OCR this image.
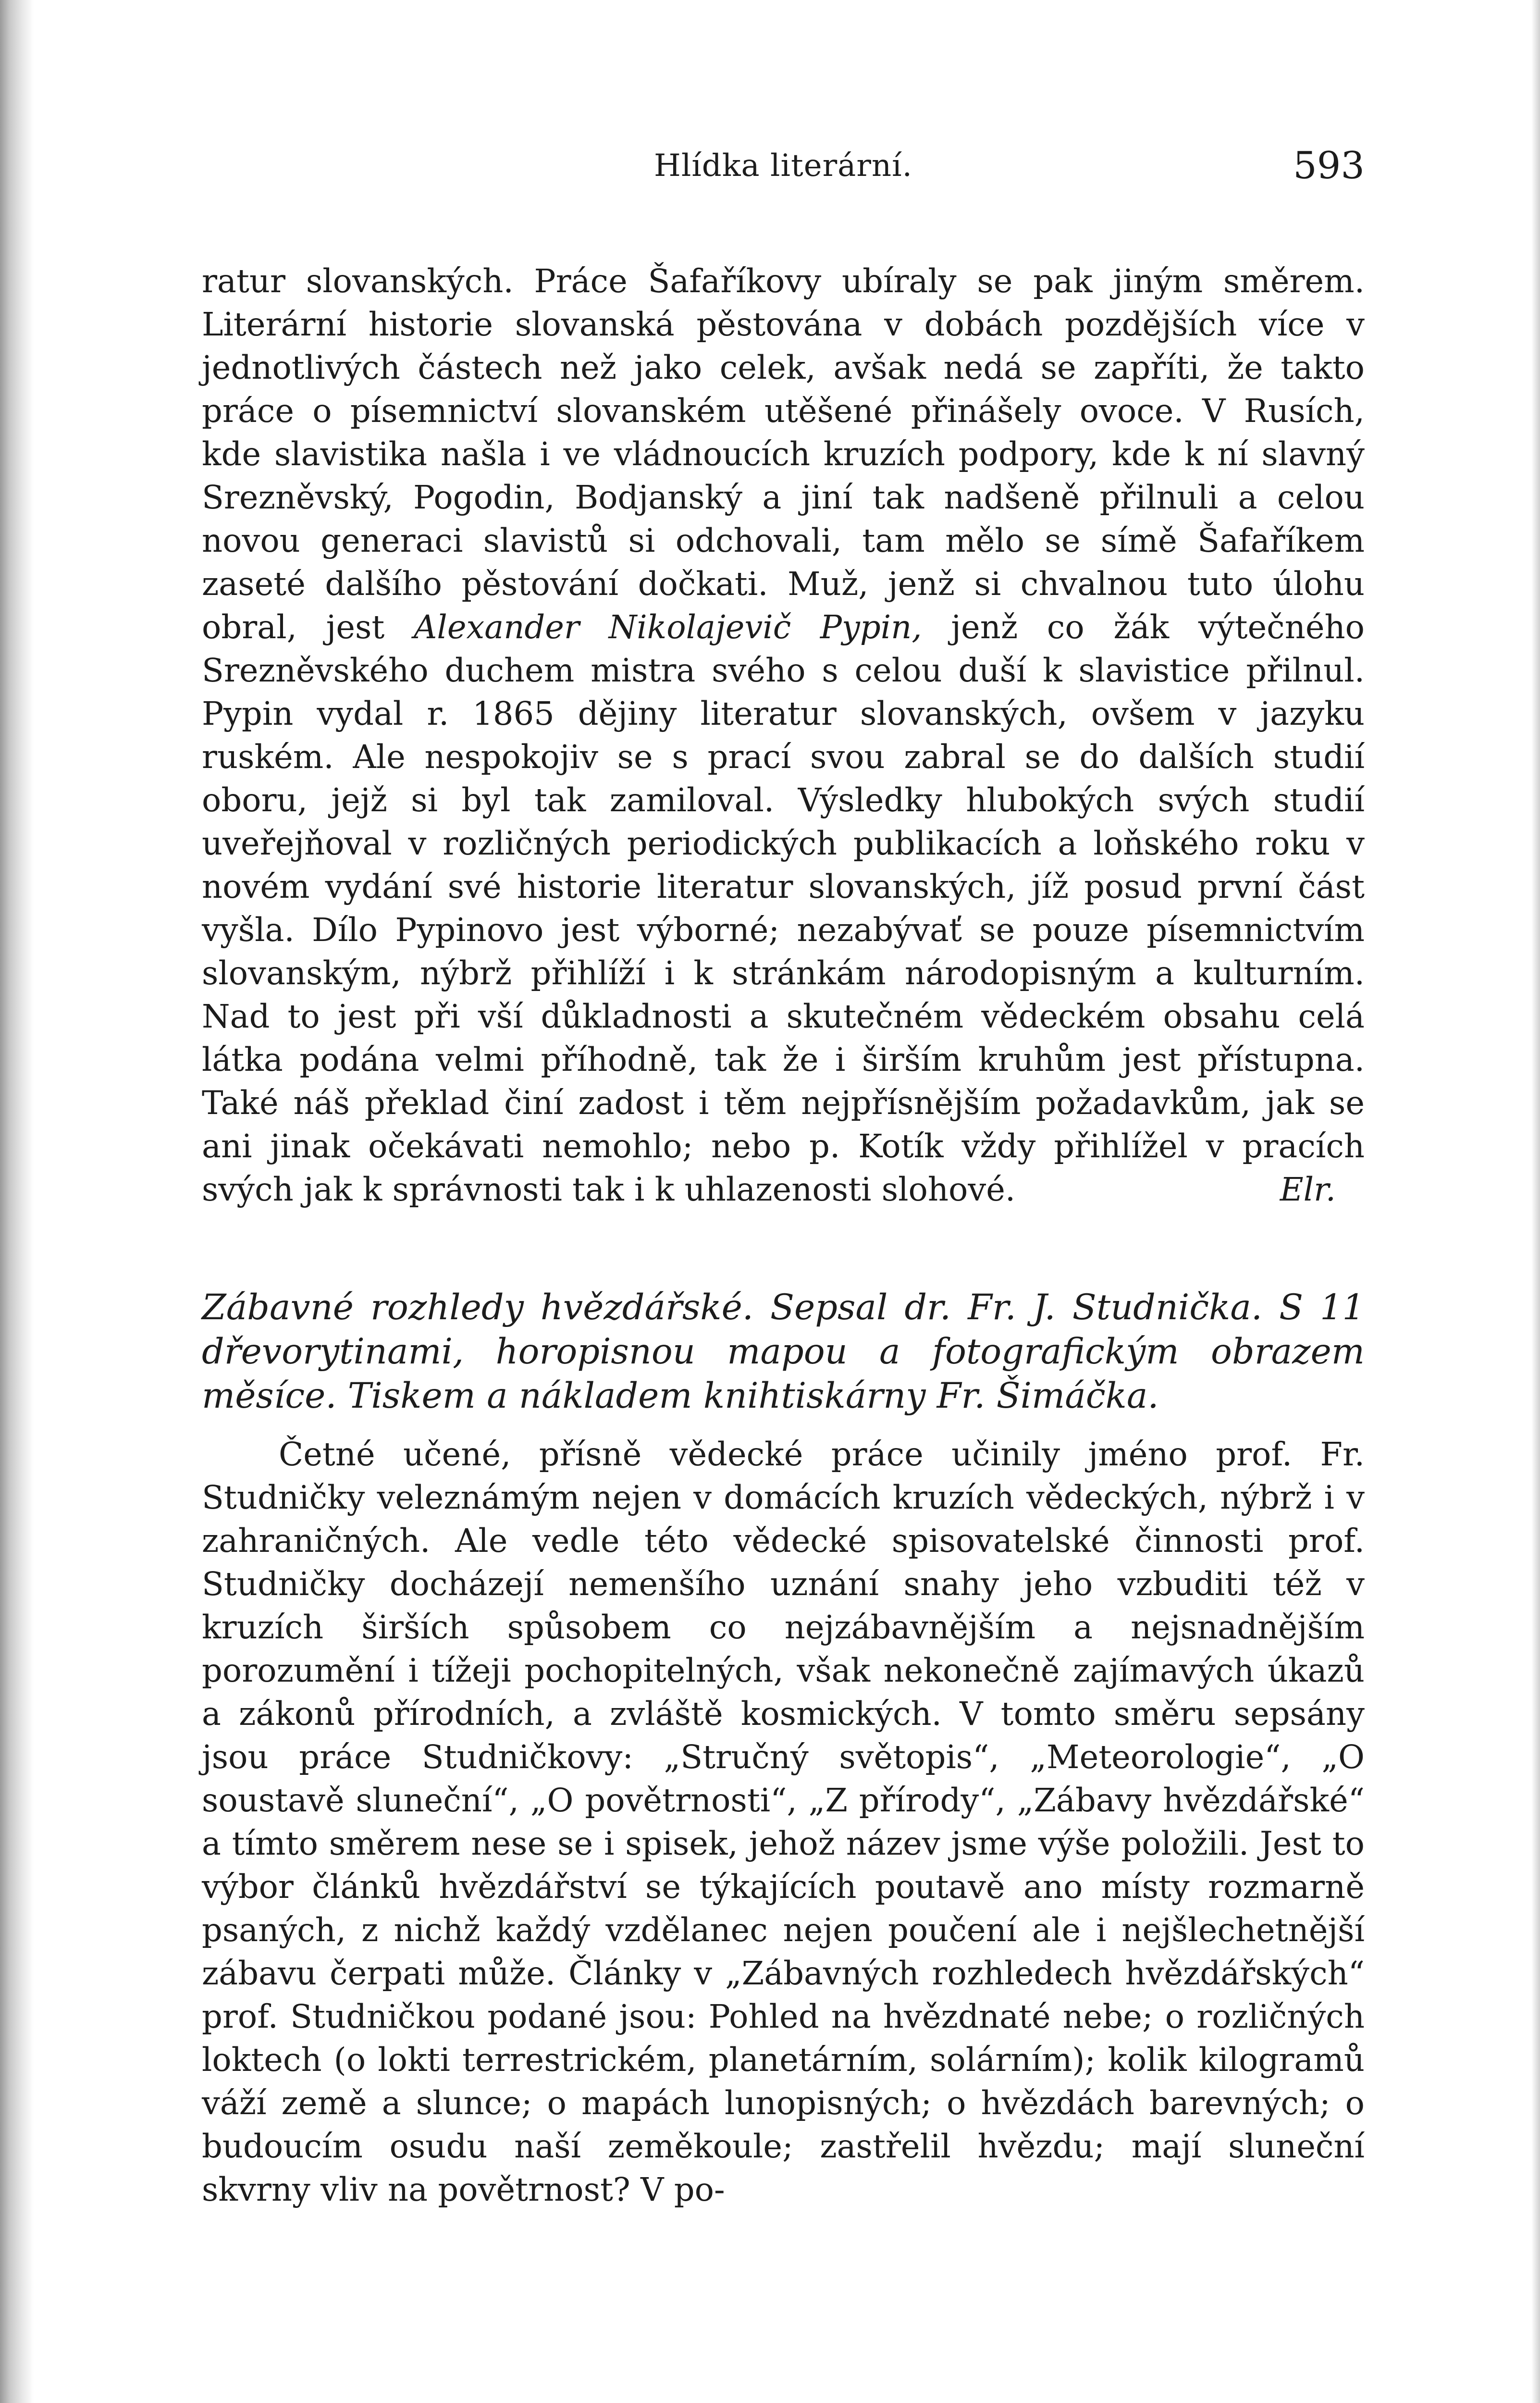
Hlídka literární.	593

ratur slovanských. Práce Šafaříkovy ubíraly se pak jiným směrem. Literární historie slovanská pěstována v dobách pozdějších více v jednotlivých částech než jako celek, avšak nedá se zapříti, že takto práce o písemnictví slovanském utěšené přinášely ovoce. V Rusích, kde slavistika našla i ve vládnoucích kruzích podpory, kde k ní slavný Srezněvský, Pogodin, Bodjanský a jiní tak nadšeně přilnuli a celou novou generaci slavistů si odchovali, tam mělo se símě Šafaříkem zaseté dalšího pěstování dočkati. Muž, jenž si chvalnou tuto úlohu obral, jest Alexander Nikolajevič Pypin, jenž co žák výtečného Srezněvského duchem mistra svého s celou duší k slavistice přilnul. Pypin vydal r. 1865 dějiny literatur slovanských, ovšem v jazyku ruském. Ale nespokojiv se s prací svou zabral se do dalších studií oboru, jejž si byl tak zamiloval. Výsledky hlubokých svých studií uveřejňoval v rozličných periodických publikacích a loňského roku v novém vydání své historie literatur slovanských, jíž posud první část vyšla. Dílo Pypinovo jest výborné; nezabývať se pouze písemnictvím slovanským, nýbrž přihlíží i k stránkám národopisným a kulturním. Nad to jest při vší důkladnosti a skutečném vědeckém obsahu celá látka podána velmi příhodně, tak že i širším kruhům jest přístupna. Také náš překlad činí zadost i těm nejpřísnějším požadavkům, jak se ani jinak očekávati nemohlo; nebo p. Kotík vždy přihlížel v pracích svých jak k správnosti tak i k uhlazenosti slohové.	Elr.

Zábavné rozhledy hvězdářské. Sepsal dr. Fr. J. Studnička. S 11 dřevorytinami, horopisnou mapou a fotografickým obrazem měsíce. Tiskem a nákladem knihtiskárny Fr. Šimáčka.

Četné učené, přísně vědecké práce učinily jméno prof. Fr. Studničky veleznámým nejen v domácích kruzích vědeckých, nýbrž i v zahraničných. Ale vedle této vědecké spisovatelské činnosti prof. Studničky docházejí nemenšího uznání snahy jeho vzbuditi též v kruzích širších spůsobem co nejzábavnějším a nejsnadnějším porozumění i tížeji pochopitelných, však nekonečně zajímavých úkazů a zákonů přírodních, a zvláště kosmických. V tomto směru sepsány jsou práce Studničkovy: „Stručný světopis“, „Meteorologie“, „O soustavě sluneční“, „O povětrnosti“, „Z přírody“, „Zábavy hvězdářské“ a tímto směrem nese se i spisek, jehož název jsme výše položili. Jest to výbor článků hvězdářství se týkajících poutavě ano místy rozmarně psaných, z nichž každý vzdělanec nejen poučení ale i nejšlechetnější zábavu čerpati může. Články v „Zábavných rozhledech hvězdářských“ prof. Studničkou podané jsou: Pohled na hvězdnaté nebe; o rozličných loktech (o lokti terrestrickém, planetárním, solárním); kolik kilogramů váží země a slunce; o mapách lunopisných; o hvězdách barevných; o budoucím osudu naší zeměkoule; zastřelil hvězdu; mají sluneční skvrny vliv na povětrnost? V po-
